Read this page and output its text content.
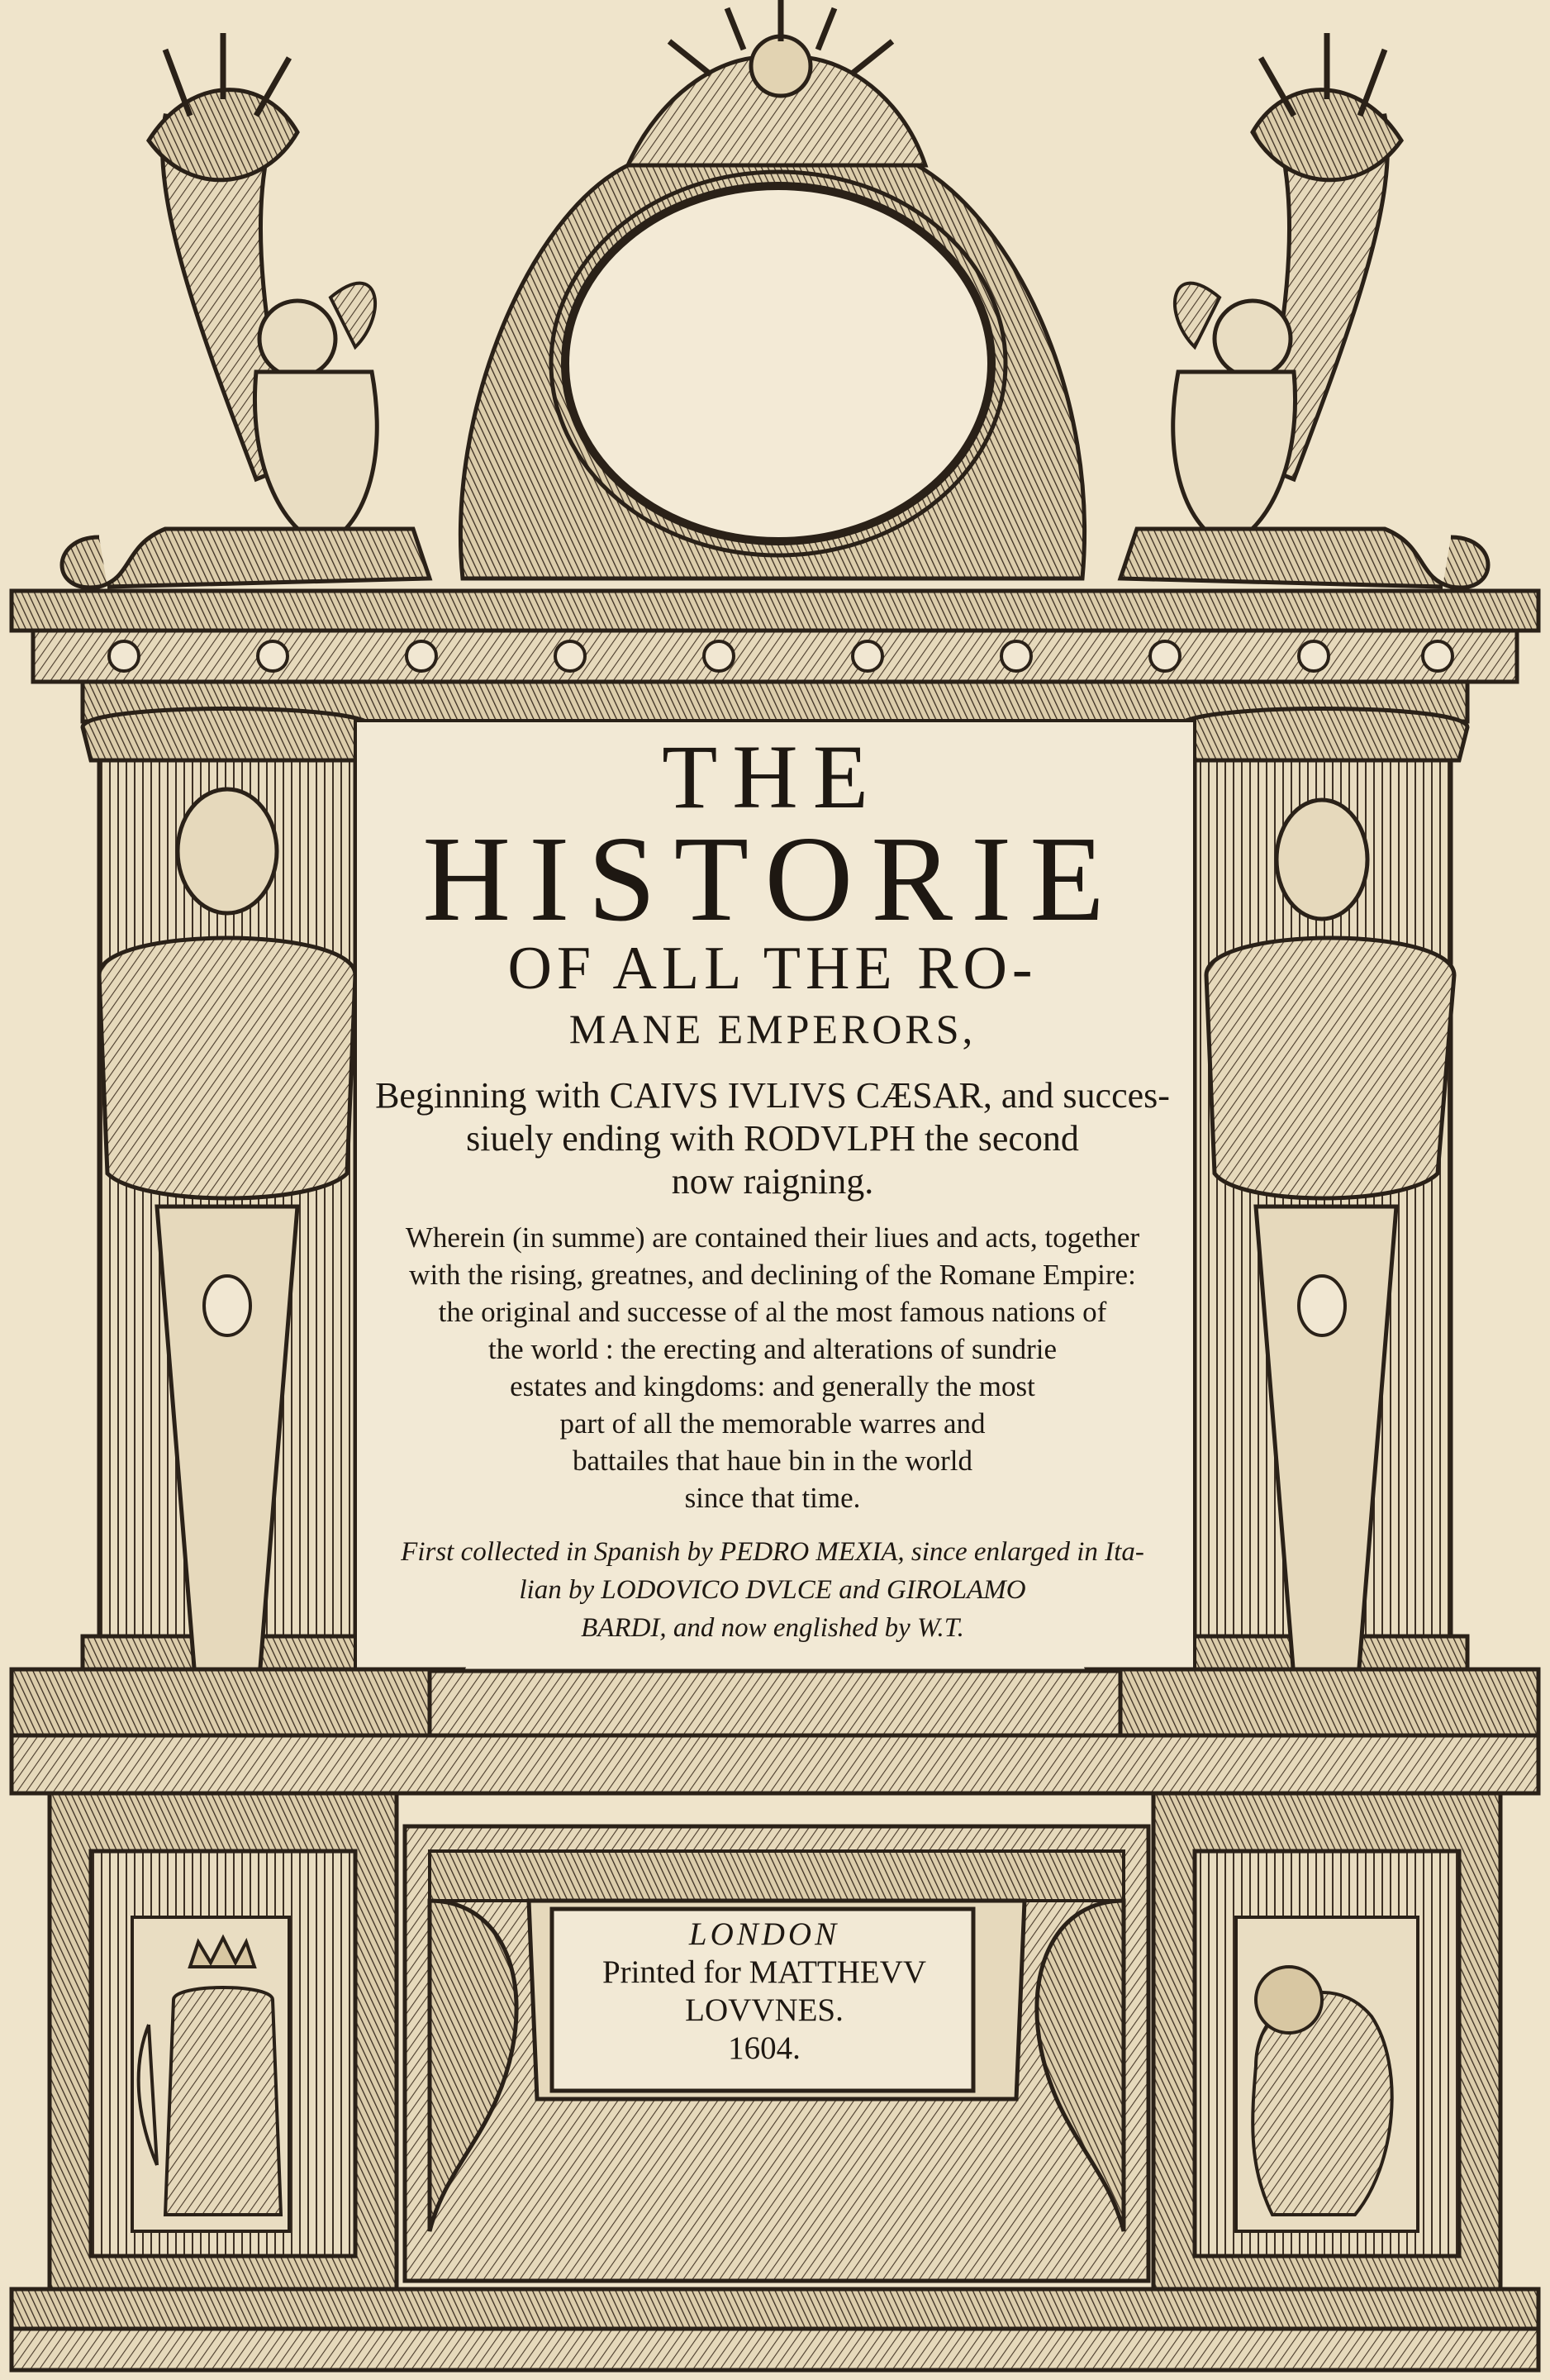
THE
HISTORIE
OF ALL THE RO-
MANE EMPERORS,
Beginning with CAIVS IVLIVS CÆSAR, and succes-
siuely ending with RODVLPH the second
now raigning.
Wherein (in summe) are contained their liues and acts, together
with the rising, greatnes, and declining of the Romane Empire:
the original and successe of al the most famous nations of
the world : the erecting and alterations of sundrie
estates and kingdoms: and generally the most
part of all the memorable warres and
battailes that haue bin in the world
since that time.
First collected in Spanish by PEDRO MEXIA, since enlarged in Ita-
lian by LODOVICO DVLCE and GIROLAMO
BARDI, and now englished by W.T.
LONDON
Printed for MATTHEVV
LOVVNES.
1604.
